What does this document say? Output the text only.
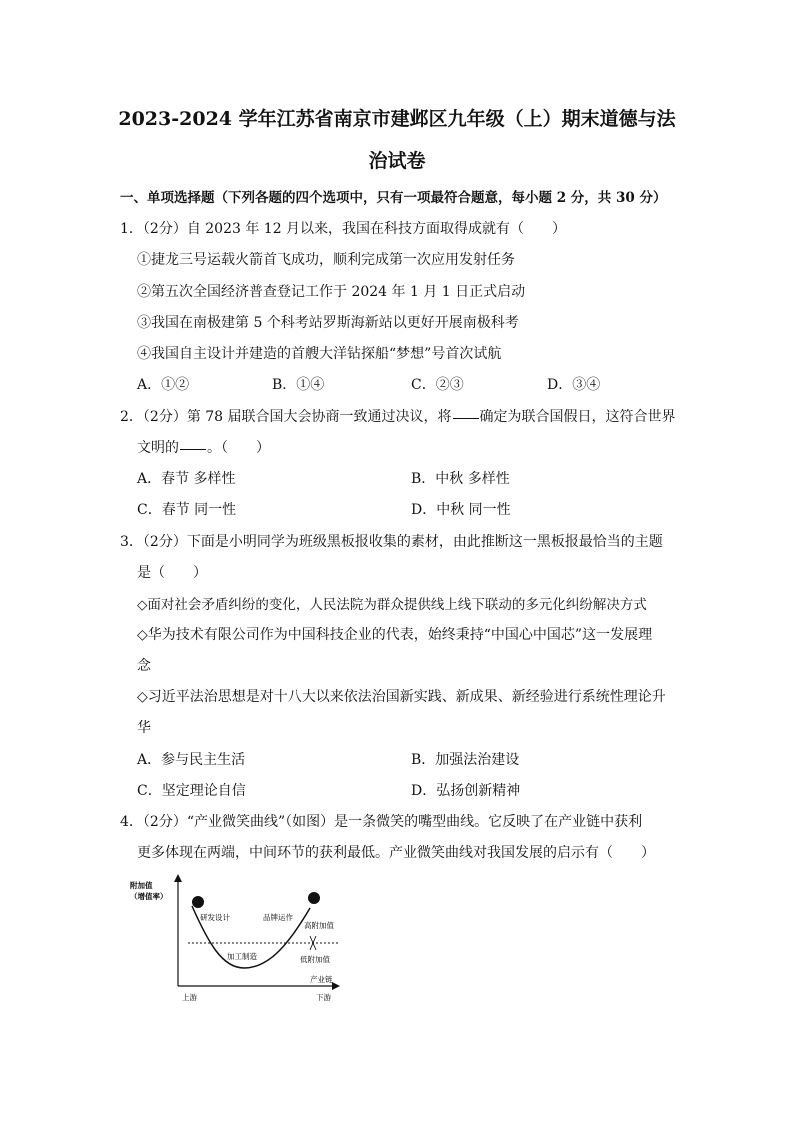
2023-2024 学年江苏省南京市建邺区九年级（上）期末道德与法
治试卷
一、单项选择题（下列各题的四个选项中，只有一项最符合题意，每小题 2 分，共 30 分）
1．（2分）自 2023 年 12 月以来，我国在科技方面取得成就有（　　）
①捷龙三号运载火箭首飞成功，顺利完成第一次应用发射任务
②第五次全国经济普查登记工作于 2024 年 1 月 1 日正式启动
③我国在南极建第 5 个科考站罗斯海新站以更好开展南极科考
④我国自主设计并建造的首艘大洋钻探船“梦想”号首次试航
A．①②	B．①④	C．②③	D．③④
2．（2分）第 78 届联合国大会协商一致通过决议，将 确定为联合国假日，这符合世界
文明的 。（　　）
A．春节 多样性	B．中秋 多样性
C．春节 同一性	D．中秋 同一性
3．（2分）下面是小明同学为班级黑板报收集的素材，由此推断这一黑板报最恰当的主题
是（　　）
◇面对社会矛盾纠纷的变化，人民法院为群众提供线上线下联动的多元化纠纷解决方式
◇华为技术有限公司作为中国科技企业的代表，始终秉持“中国心中国芯”这一发展理
念
◇习近平法治思想是对十八大以来依法治国新实践、新成果、新经验进行系统性理论升
华
A．参与民主生活	B．加强法治建设
C．坚定理论自信	D．弘扬创新精神
4．（2分）“产业微笑曲线”（如图）是一条微笑的嘴型曲线。它反映了在产业链中获利
更多体现在两端，中间环节的获利最低。产业微笑曲线对我国发展的启示有（　　）
附加值
（增值率）
研发设计	品牌运作
高附加值
加工制造	低附加值
产业链
上游	下游
